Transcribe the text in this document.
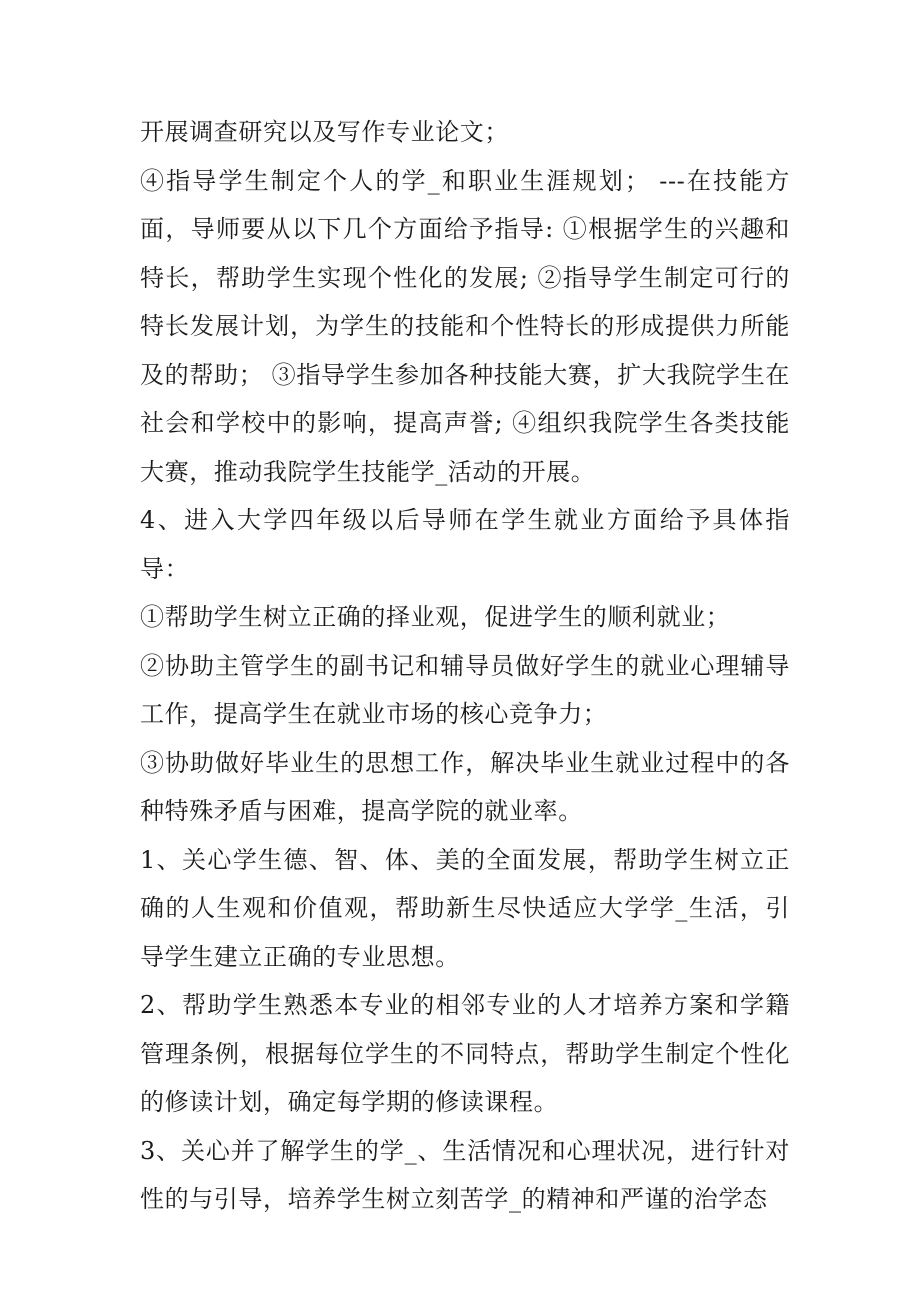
开展调查研究以及写作专业论文；

④指导学生制定个人的学_和职业生涯规划； ---在技能方面，导师要从以下几个方面给予指导: ①根据学生的兴趣和特长，帮助学生实现个性化的发展; ②指导学生制定可行的特长发展计划，为学生的技能和个性特长的形成提供力所能及的帮助； ③指导学生参加各种技能大赛，扩大我院学生在社会和学校中的影响，提高声誉; ④组织我院学生各类技能大赛，推动我院学生技能学_活动的开展。

4、进入大学四年级以后导师在学生就业方面给予具体指导：

①帮助学生树立正确的择业观，促进学生的顺利就业；

②协助主管学生的副书记和辅导员做好学生的就业心理辅导工作，提高学生在就业市场的核心竞争力；

③协助做好毕业生的思想工作，解决毕业生就业过程中的各种特殊矛盾与困难，提高学院的就业率。

1、关心学生德、智、体、美的全面发展，帮助学生树立正确的人生观和价值观，帮助新生尽快适应大学学_生活，引导学生建立正确的专业思想。

2、帮助学生熟悉本专业的相邻专业的人才培养方案和学籍管理条例，根据每位学生的不同特点，帮助学生制定个性化的修读计划，确定每学期的修读课程。

3、关心并了解学生的学_、生活情况和心理状况，进行针对性的与引导，培养学生树立刻苦学_的精神和严谨的治学态
